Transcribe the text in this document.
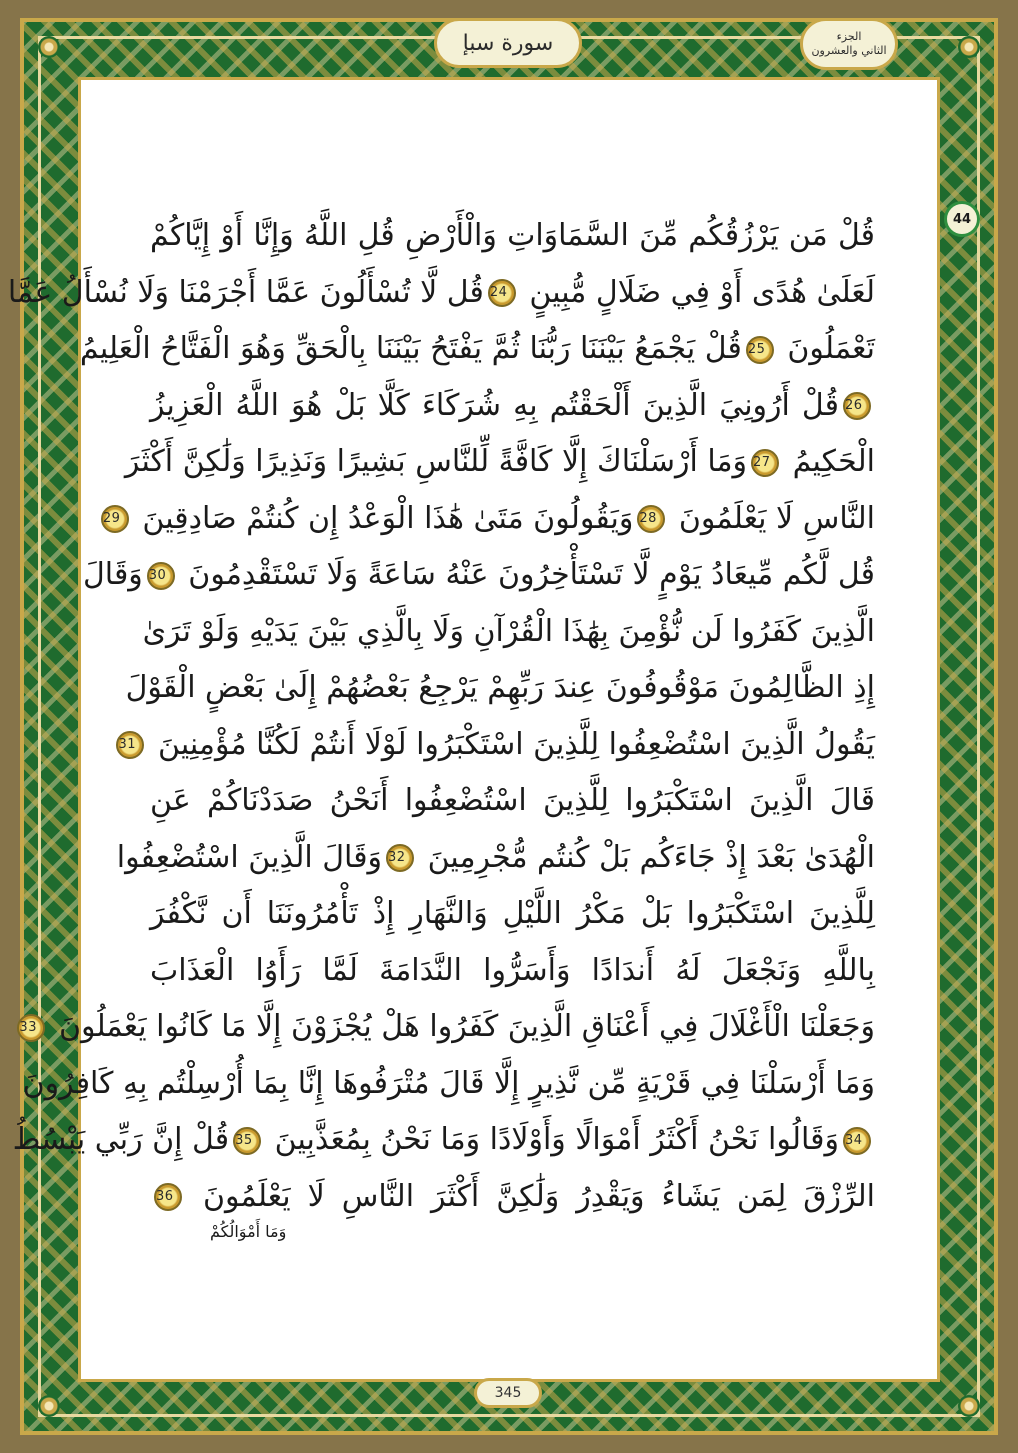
سورة سبإ	الجزء
الثاني والعشرون
44
قُلْ مَن يَرْزُقُكُم مِّنَ السَّمَاوَاتِ وَالْأَرْضِ قُلِ اللَّهُ وَإِنَّا أَوْ إِيَّاكُمْ
لَعَلَىٰ هُدًى أَوْ فِي ضَلَالٍ مُّبِينٍ 24قُل لَّا تُسْأَلُونَ عَمَّا أَجْرَمْنَا وَلَا نُسْأَلُ عَمَّا
تَعْمَلُونَ 25قُلْ يَجْمَعُ بَيْنَنَا رَبُّنَا ثُمَّ يَفْتَحُ بَيْنَنَا بِالْحَقِّ وَهُوَ الْفَتَّاحُ الْعَلِيمُ
26قُلْ أَرُونِيَ الَّذِينَ أَلْحَقْتُم بِهِ شُرَكَاءَ كَلَّا بَلْ هُوَ اللَّهُ الْعَزِيزُ
الْحَكِيمُ 27وَمَا أَرْسَلْنَاكَ إِلَّا كَافَّةً لِّلنَّاسِ بَشِيرًا وَنَذِيرًا وَلَٰكِنَّ أَكْثَرَ
النَّاسِ لَا يَعْلَمُونَ 28وَيَقُولُونَ مَتَىٰ هَٰذَا الْوَعْدُ إِن كُنتُمْ صَادِقِينَ 29
قُل لَّكُم مِّيعَادُ يَوْمٍ لَّا تَسْتَأْخِرُونَ عَنْهُ سَاعَةً وَلَا تَسْتَقْدِمُونَ 30وَقَالَ
الَّذِينَ كَفَرُوا لَن نُّؤْمِنَ بِهَٰذَا الْقُرْآنِ وَلَا بِالَّذِي بَيْنَ يَدَيْهِ وَلَوْ تَرَىٰ
إِذِ الظَّالِمُونَ مَوْقُوفُونَ عِندَ رَبِّهِمْ يَرْجِعُ بَعْضُهُمْ إِلَىٰ بَعْضٍ الْقَوْلَ
يَقُولُ الَّذِينَ اسْتُضْعِفُوا لِلَّذِينَ اسْتَكْبَرُوا لَوْلَا أَنتُمْ لَكُنَّا مُؤْمِنِينَ 31
قَالَ الَّذِينَ اسْتَكْبَرُوا لِلَّذِينَ اسْتُضْعِفُوا أَنَحْنُ صَدَدْنَاكُمْ عَنِ
الْهُدَىٰ بَعْدَ إِذْ جَاءَكُم بَلْ كُنتُم مُّجْرِمِينَ 32وَقَالَ الَّذِينَ اسْتُضْعِفُوا
لِلَّذِينَ اسْتَكْبَرُوا بَلْ مَكْرُ اللَّيْلِ وَالنَّهَارِ إِذْ تَأْمُرُونَنَا أَن نَّكْفُرَ
بِاللَّهِ وَنَجْعَلَ لَهُ أَندَادًا وَأَسَرُّوا النَّدَامَةَ لَمَّا رَأَوُا الْعَذَابَ
وَجَعَلْنَا الْأَغْلَالَ فِي أَعْنَاقِ الَّذِينَ كَفَرُوا هَلْ يُجْزَوْنَ إِلَّا مَا كَانُوا يَعْمَلُونَ 33
وَمَا أَرْسَلْنَا فِي قَرْيَةٍ مِّن نَّذِيرٍ إِلَّا قَالَ مُتْرَفُوهَا إِنَّا بِمَا أُرْسِلْتُم بِهِ كَافِرُونَ
34وَقَالُوا نَحْنُ أَكْثَرُ أَمْوَالًا وَأَوْلَادًا وَمَا نَحْنُ بِمُعَذَّبِينَ 35قُلْ إِنَّ رَبِّي يَبْسُطُ
الرِّزْقَ لِمَن يَشَاءُ وَيَقْدِرُ وَلَٰكِنَّ أَكْثَرَ النَّاسِ لَا يَعْلَمُونَ 36
وَمَا أَمْوَالُكُمْ
345
